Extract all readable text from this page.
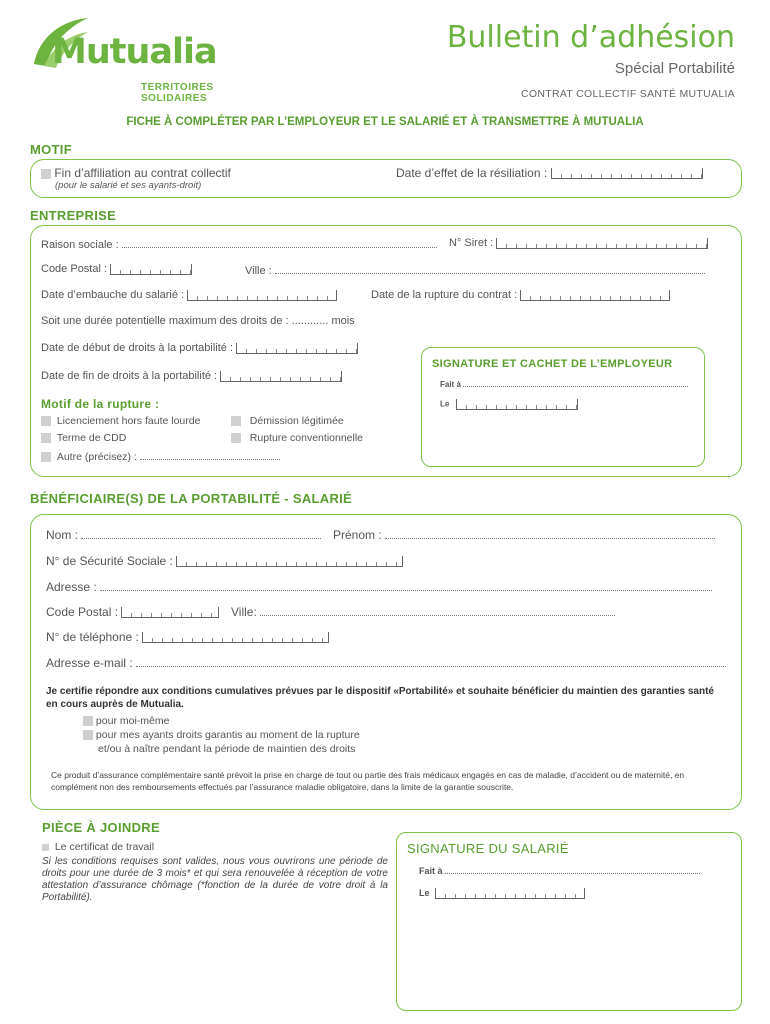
Mutualia
TERRITOIRES SOLIDAIRES
Bulletin d’adhésion
Spécial Portabilité
CONTRAT COLLECTIF SANTÉ MUTUALIA
FICHE À COMPLÉTER PAR L’EMPLOYEUR ET LE SALARIÉ ET À TRANSMETTRE À MUTUALIA
MOTIF
Fin d’affiliation au contrat collectif
(pour le salarié et ses ayants-droit)
Date d’effet de la résiliation :
ENTREPRISE
Raison sociale :	N° Siret :
Code Postal :	Ville :
Date d’embauche du salarié :	Date de la rupture du contrat :
Soit une durée potentielle maximum des droits de : ............ mois
Date de début de droits à la portabilité :
Date de fin de droits à la portabilité :
Motif de la rupture :
Licenciement hors faute lourde	Démission légitimée
Terme de CDD	Rupture conventionnelle
Autre (précisez) :
SIGNATURE ET CACHET DE L’EMPLOYEUR
Fait à
Le
BÉNÉFICIAIRE(S) DE LA PORTABILITÉ - SALARIÉ
Nom :	Prénom :
N° de Sécurité Sociale :
Adresse :
Code Postal :	Ville:
N° de téléphone :
Adresse e-mail :
Je certifie répondre aux conditions cumulatives prévues par le dispositif «Portabilité» et souhaite bénéficier du maintien des garanties santé en cours auprès de Mutualia.
pour moi-même
pour mes ayants droits garantis au moment de la rupture
et/ou à naître pendant la période de maintien des droits
Ce produit d’assurance complémentaire santé prévoit la prise en charge de tout ou partie des frais médicaux engagés en cas de maladie, d’accident ou de maternité, en complément non des remboursements effectués par l’assurance maladie obligatoire, dans la limite de la garantie souscrite.
PIÈCE À JOINDRE
Le certificat de travail
Si les conditions requises sont valides, nous vous ouvrirons une période de droits pour une durée de 3 mois* et qui sera renouvelée à réception de votre attestation d’assurance chômage (*fonction de la durée de votre droit à la Portabilité).
SIGNATURE DU SALARIÉ
Fait à
Le
